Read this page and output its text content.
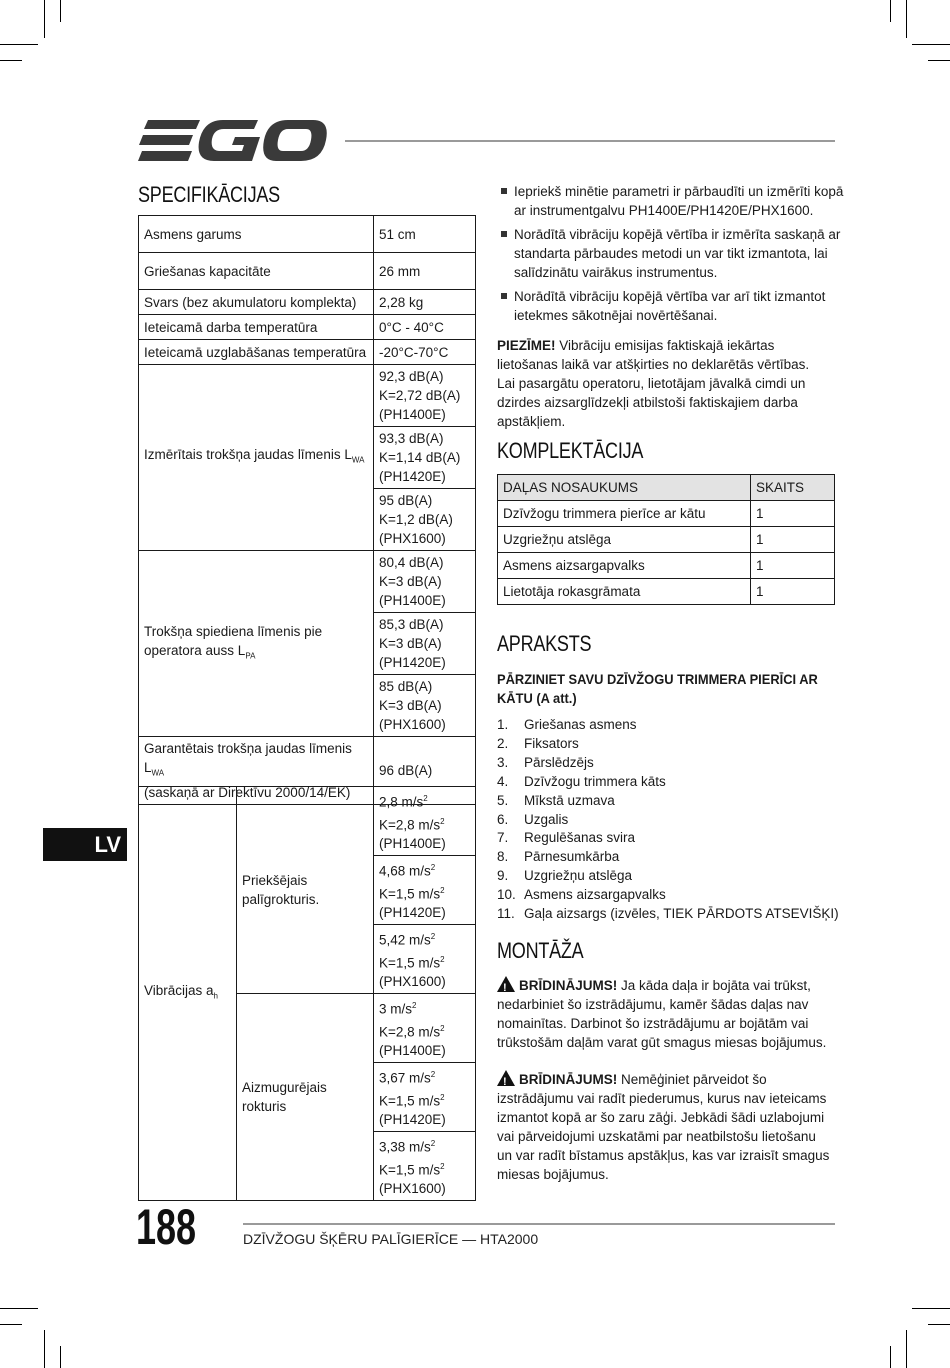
SPECIFIKĀCIJAS
Asmens garums	51 cm
Griešanas kapacitāte	26 mm
Svars (bez akumulatoru komplekta)	2,28 kg
Ieteicamā darba temperatūra	0°C - 40°C
Ieteicamā uzglabāšanas temperatūra	-20°C-70°C
Izmērītais trokšņa jaudas līmenis $L_{WA}$	92,3 dB(A)
K=2,72 dB(A)
(PH1400E)
	93,3 dB(A)
K=1,14 dB(A)
(PH1420E)
	95 dB(A)
K=1,2 dB(A)
(PHX1600)
Trokšņa spiediena līmenis pie operatora auss $L_{PA}$	80,4 dB(A)
K=3 dB(A)
(PH1400E)
	85,3 dB(A)
K=3 dB(A)
(PH1420E)
	85 dB(A)
K=3 dB(A)
(PHX1600)
Garantētais trokšņa jaudas līmenis $L_{WA}$
(saskaņā ar Direktīvu 2000/14/EK)	96 dB(A)
Vibrācijas $a_h$	Priekšējais palīgrokturis.	2,8 $m/s^2$
K=2,8 $m/s^2$
(PH1400E)
		4,68 $m/s^2$
K=1,5 $m/s^2$
(PH1420E)
		5,42 $m/s^2$
K=1,5 $m/s^2$
(PHX1600)
	Aizmugurējais rokturis	3 $m/s^2$
K=2,8 $m/s^2$
(PH1400E)
		3,67 $m/s^2$
K=1,5 $m/s^2$
(PH1420E)
		3,38 $m/s^2$
K=1,5 $m/s^2$
(PHX1600)
Iepriekš minētie parametri ir pārbaudīti un izmērīti kopā ar instrumentgalvu PH1400E/PH1420E/PHX1600.
Norādītā vibrāciju kopējā vērtība ir izmērīta saskaņā ar standarta pārbaudes metodi un var tikt izmantota, lai salīdzinātu vairākus instrumentus.
Norādītā vibrāciju kopējā vērtība var arī tikt izmantot ietekmes sākotnējai novērtēšanai.
PIEZĪME! Vibrāciju emisijas faktiskajā iekārtas lietošanas laikā var atšķirties no deklarētās vērtības. Lai pasargātu operatoru, lietotājam jāvalkā cimdi un dzirdes aizsarglīdzekļi atbilstoši faktiskajiem darba apstākļiem.
KOMPLEKTĀCIJA
DAĻAS NOSAUKUMS	SKAITS
Dzīvžogu trimmera pierīce ar kātu	1
Uzgriežņu atslēga	1
Asmens aizsargapvalks	1
Lietotāja rokasgrāmata	1
APRAKSTS
PĀRZINIET SAVU DZĪVŽOGU TRIMMERA PIERĪCI AR KĀTU (A att.)
1. Griešanas asmens
2. Fiksators
3. Pārslēdzējs
4. Dzīvžogu trimmera kāts
5. Mīkstā uzmava
6. Uzgalis
7. Regulēšanas svira
8. Pārnesumkārba
9. Uzgriežņu atslēga
10. Asmens aizsargapvalks
11. Gaļa aizsargs (izvēles, TIEK PĀRDOTS ATSEVIŠĶI)
MONTĀŽA
!BRĪDINĀJUMS! Ja kāda daļa ir bojāta vai trūkst, nedarbiniet šo izstrādājumu, kamēr šādas daļas nav nomainītas. Darbinot šo izstrādājumu ar bojātām vai trūkstošām daļām varat gūt smagus miesas bojājumus.
!BRĪDINĀJUMS! Nemēģiniet pārveidot šo izstrādājumu vai radīt piederumus, kurus nav ieteicams izmantot kopā ar šo zaru zāģi. Jebkādi šādi uzlabojumi vai pārveidojumi uzskatāmi par neatbilstošu lietošanu un var radīt bīstamus apstākļus, kas var izraisīt smagus miesas bojājumus.
LV
188	DZĪVŽOGU ŠĶĒRU PALĪGIERĪCE — HTA2000
